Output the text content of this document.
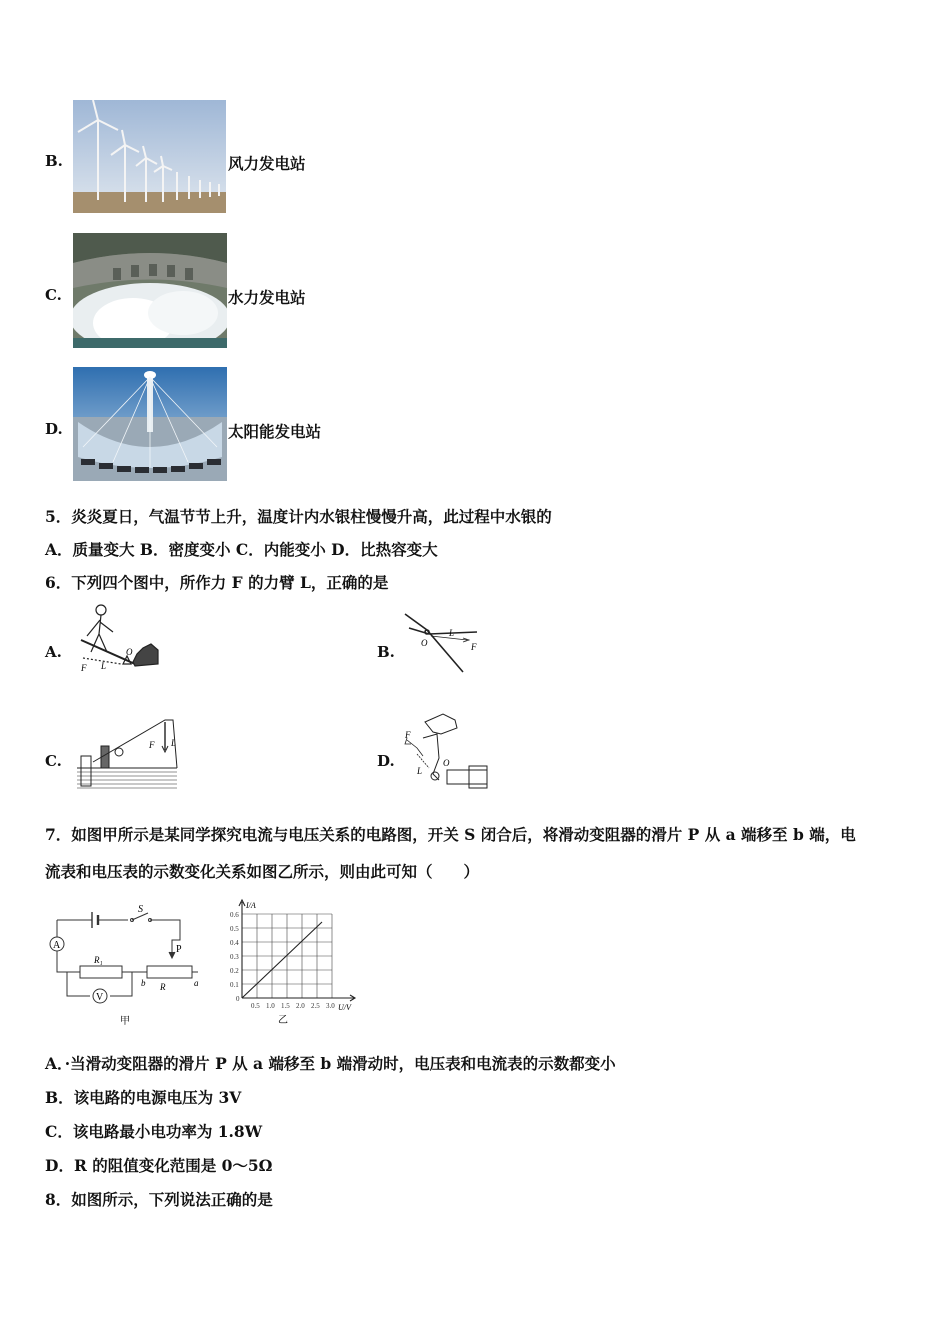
B.	风力发电站
C.	水力发电站
D.	太阳能发电站
5．炎炎夏日，气温节节上升，温度计内水银柱慢慢升高，此过程中水银的
A．质量变大 B．密度变小 C．内能变小 D．比热容变大
6．下列四个图中，所作力 F 的力臂 L，正确的是
A.
F L
O	B.	O
L
F
C.
F L
D.
F
L
O
7．如图甲所示是某同学探究电流与电压关系的电路图，开关 S 闭合后，将滑动变阻器的滑片 P 从 a 端移至 b 端，电
流表和电压表的示数变化关系如图乙所示，则由此可知（　　）
A
V
S
P
R₁
R
b	a
甲
I/A
U/V
0.6
0.5
0.4
0.3
0.2
0.1
0
0.5 1.0 1.5 2.0 2.5 3.0
乙
A．·当滑动变阻器的滑片 P 从 a 端移至 b 端滑动时，电压表和电流表的示数都变小
B．该电路的电源电压为 3V
C．该电路最小电功率为 1.8W
D．R 的阻值变化范围是 0～5Ω
8．如图所示，下列说法正确的是
